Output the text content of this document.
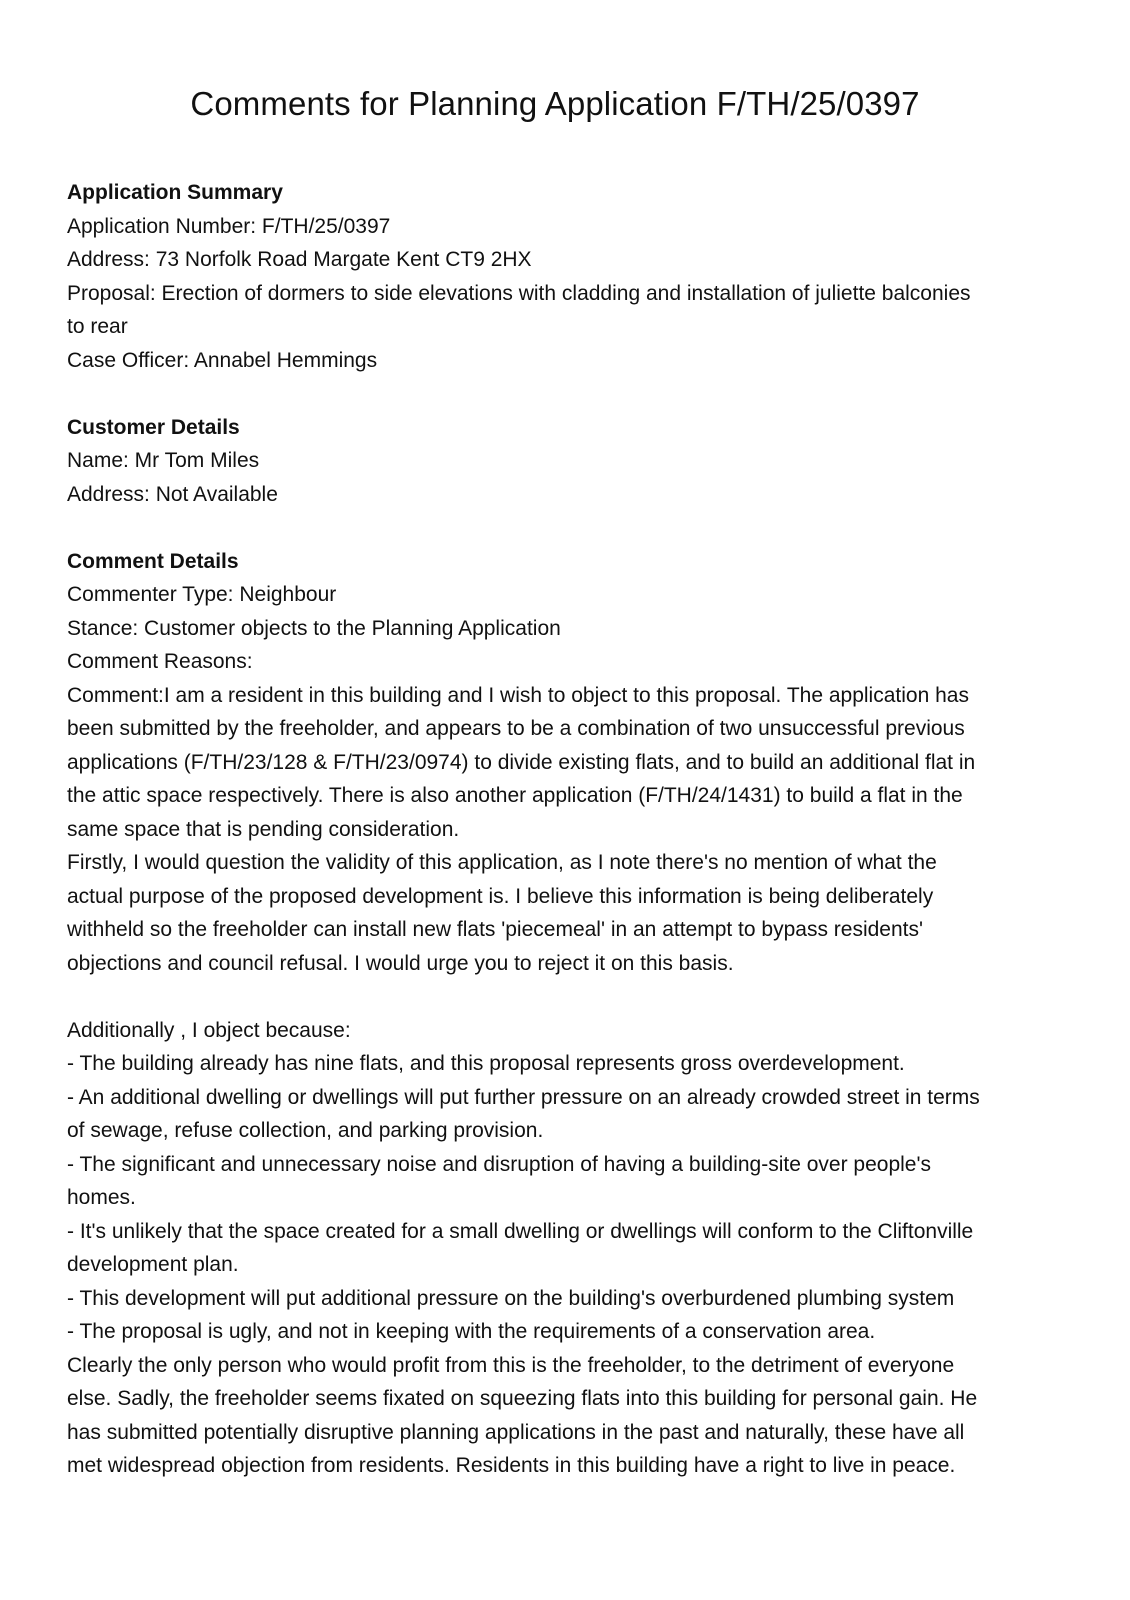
Comments for Planning Application F/TH/25/0397

Application Summary

Application Number: F/TH/25/0397

Address: 73 Norfolk Road Margate Kent CT9 2HX

Proposal: Erection of dormers to side elevations with cladding and installation of juliette balconies

to rear

Case Officer: Annabel Hemmings

Customer Details

Name: Mr Tom Miles

Address: Not Available

Comment Details

Commenter Type: Neighbour

Stance: Customer objects to the Planning Application

Comment Reasons:

Comment:I am a resident in this building and I wish to object to this proposal. The application has

been submitted by the freeholder, and appears to be a combination of two unsuccessful previous

applications (F/TH/23/128 & F/TH/23/0974) to divide existing flats, and to build an additional flat in

the attic space respectively. There is also another application (F/TH/24/1431) to build a flat in the

same space that is pending consideration.

Firstly, I would question the validity of this application, as I note there's no mention of what the

actual purpose of the proposed development is. I believe this information is being deliberately

withheld so the freeholder can install new flats 'piecemeal' in an attempt to bypass residents'

objections and council refusal. I would urge you to reject it on this basis.

Additionally , I object because:

- The building already has nine flats, and this proposal represents gross overdevelopment.

- An additional dwelling or dwellings will put further pressure on an already crowded street in terms

of sewage, refuse collection, and parking provision.

- The significant and unnecessary noise and disruption of having a building-site over people's

homes.

- It's unlikely that the space created for a small dwelling or dwellings will conform to the Cliftonville

development plan.

- This development will put additional pressure on the building's overburdened plumbing system

- The proposal is ugly, and not in keeping with the requirements of a conservation area.

Clearly the only person who would profit from this is the freeholder, to the detriment of everyone

else. Sadly, the freeholder seems fixated on squeezing flats into this building for personal gain. He

has submitted potentially disruptive planning applications in the past and naturally, these have all

met widespread objection from residents. Residents in this building have a right to live in peace.
